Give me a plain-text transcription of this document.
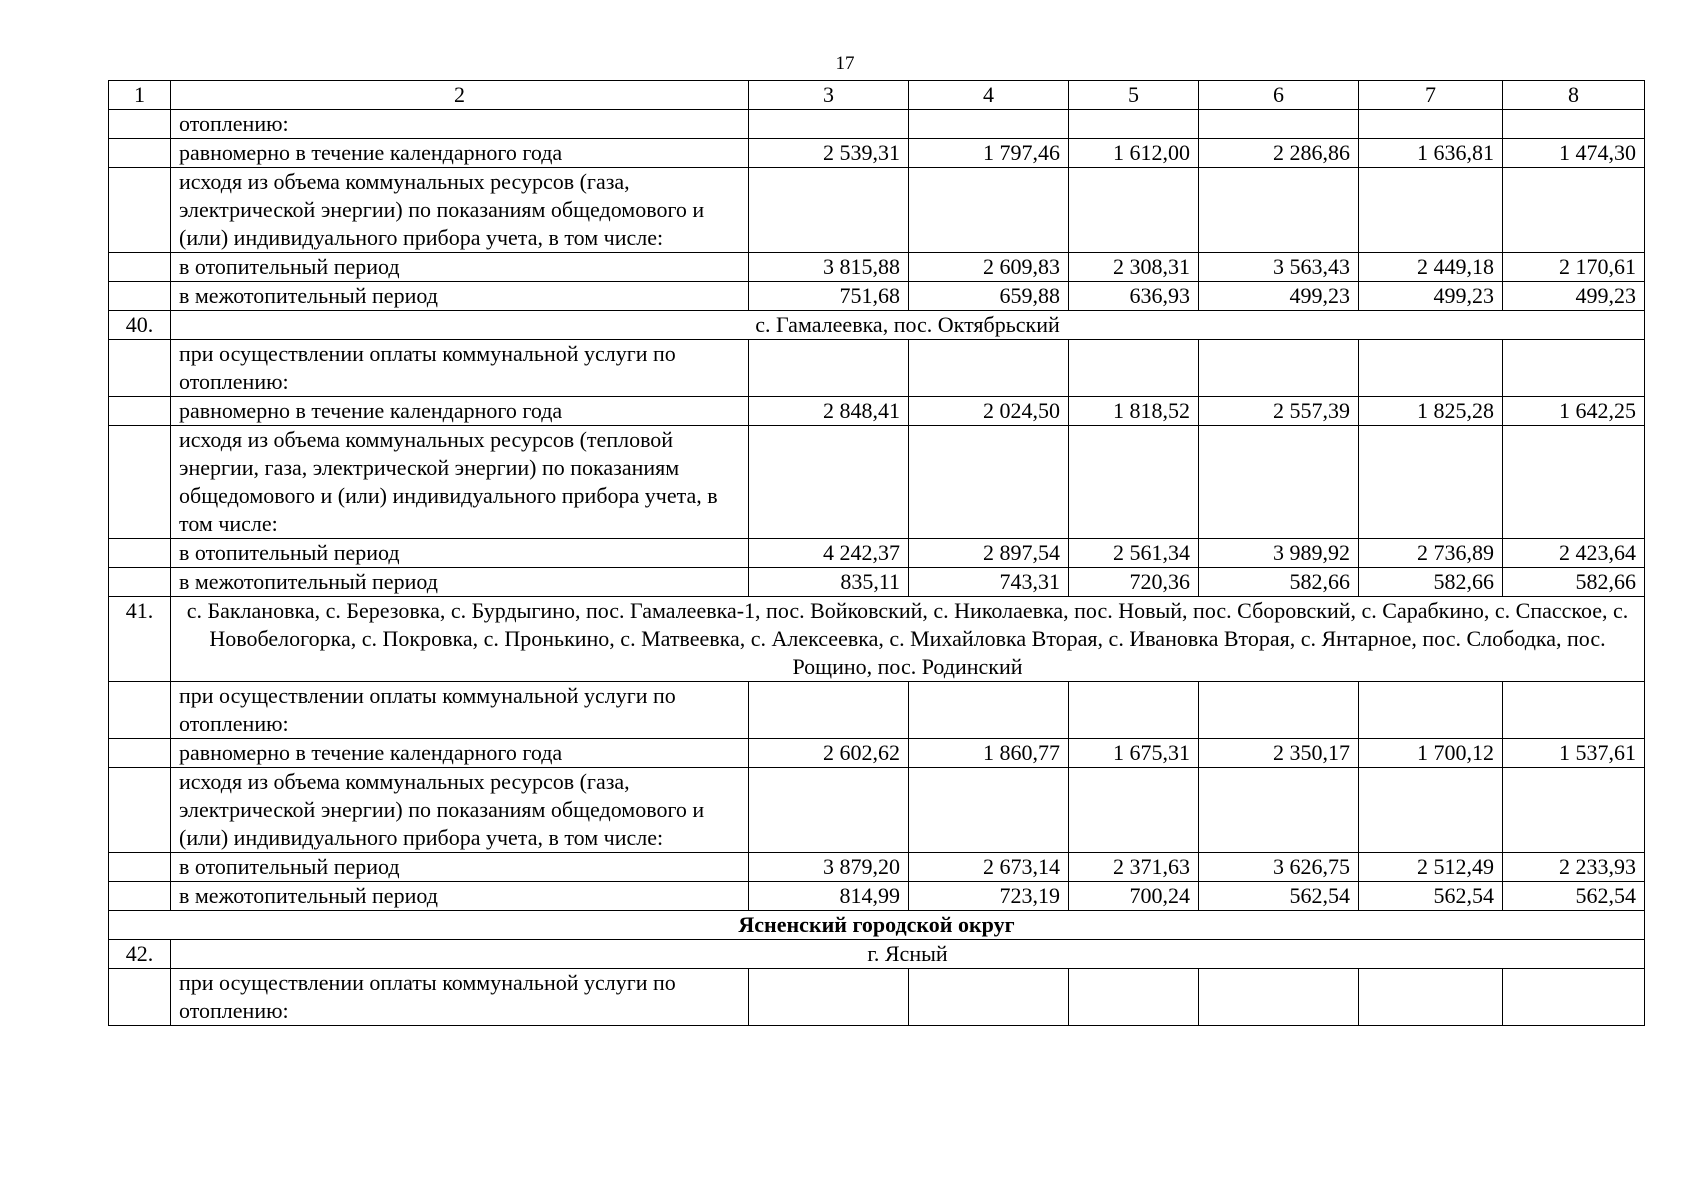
17
1	2	3	4	5	6	7	8
	отоплению:						
	равномерно в течение календарного года	2 539,31	1 797,46	1 612,00	2 286,86	1 636,81	1 474,30
	исходя из объема коммунальных ресурсов (газа, электрической энергии) по показаниям общедомового и (или) индивидуального прибора учета, в том числе:						
	в отопительный период	3 815,88	2 609,83	2 308,31	3 563,43	2 449,18	2 170,61
	в межотопительный период	751,68	659,88	636,93	499,23	499,23	499,23
40.	с. Гамалеевка, пос. Октябрьский						
	при осуществлении оплаты коммунальной услуги по отоплению:						
	равномерно в течение календарного года	2 848,41	2 024,50	1 818,52	2 557,39	1 825,28	1 642,25
	исходя из объема коммунальных ресурсов (тепловой энергии, газа, электрической энергии) по показаниям общедомового и (или) индивидуального прибора учета, в том числе:						
	в отопительный период	4 242,37	2 897,54	2 561,34	3 989,92	2 736,89	2 423,64
	в межотопительный период	835,11	743,31	720,36	582,66	582,66	582,66
41.	с. Баклановка, с. Березовка, с. Бурдыгино, пос. Гамалеевка-1, пос. Войковский, с. Николаевка, пос. Новый, пос. Сборовский, с. Сарабкино, с. Спасское, с. Новобелогорка, с. Покровка, с. Пронькино, с. Матвеевка, с. Алексеевка, с. Михайловка Вторая, с. Ивановка Вторая, с. Янтарное, пос. Слободка, пос. Рощино, пос. Родинский						
	при осуществлении оплаты коммунальной услуги по отоплению:						
	равномерно в течение календарного года	2 602,62	1 860,77	1 675,31	2 350,17	1 700,12	1 537,61
	исходя из объема коммунальных ресурсов (газа, электрической энергии) по показаниям общедомового и (или) индивидуального прибора учета, в том числе:						
	в отопительный период	3 879,20	2 673,14	2 371,63	3 626,75	2 512,49	2 233,93
	в межотопительный период	814,99	723,19	700,24	562,54	562,54	562,54
Ясненский городской округ							
42.	г. Ясный						
	при осуществлении оплаты коммунальной услуги по отоплению:						
